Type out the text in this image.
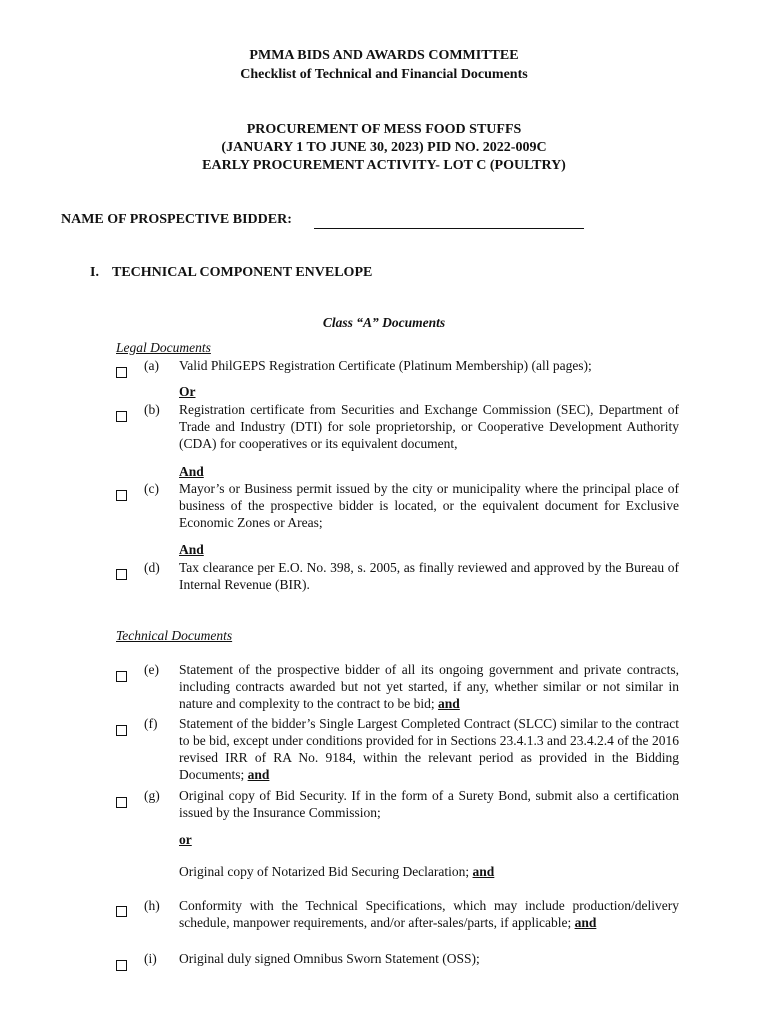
PMMA BIDS AND AWARDS COMMITTEE
Checklist of Technical and Financial Documents
PROCUREMENT OF MESS FOOD STUFFS
(JANUARY 1 TO JUNE 30, 2023) PID NO. 2022-009C
EARLY PROCUREMENT ACTIVITY- LOT C (POULTRY)
NAME OF PROSPECTIVE BIDDER:
I. TECHNICAL COMPONENT ENVELOPE
Class “A” Documents
Legal Documents
(a) Valid PhilGEPS Registration Certificate (Platinum Membership) (all pages);
Or
(b) Registration certificate from Securities and Exchange Commission (SEC), Department of Trade and Industry (DTI) for sole proprietorship, or Cooperative Development Authority (CDA) for cooperatives or its equivalent document,
And
(c) Mayor’s or Business permit issued by the city or municipality where the principal place of business of the prospective bidder is located, or the equivalent document for Exclusive Economic Zones or Areas;
And
(d) Tax clearance per E.O. No. 398, s. 2005, as finally reviewed and approved by the Bureau of Internal Revenue (BIR).
Technical Documents
(e) Statement of the prospective bidder of all its ongoing government and private contracts, including contracts awarded but not yet started, if any, whether similar or not similar in nature and complexity to the contract to be bid; and
(f) Statement of the bidder’s Single Largest Completed Contract (SLCC) similar to the contract to be bid, except under conditions provided for in Sections 23.4.1.3 and 23.4.2.4 of the 2016 revised IRR of RA No. 9184, within the relevant period as provided in the Bidding Documents; and
(g) Original copy of Bid Security. If in the form of a Surety Bond, submit also a certification issued by the Insurance Commission;
or
Original copy of Notarized Bid Securing Declaration; and
(h) Conformity with the Technical Specifications, which may include production/delivery schedule, manpower requirements, and/or after-sales/parts, if applicable; and
(i) Original duly signed Omnibus Sworn Statement (OSS);
